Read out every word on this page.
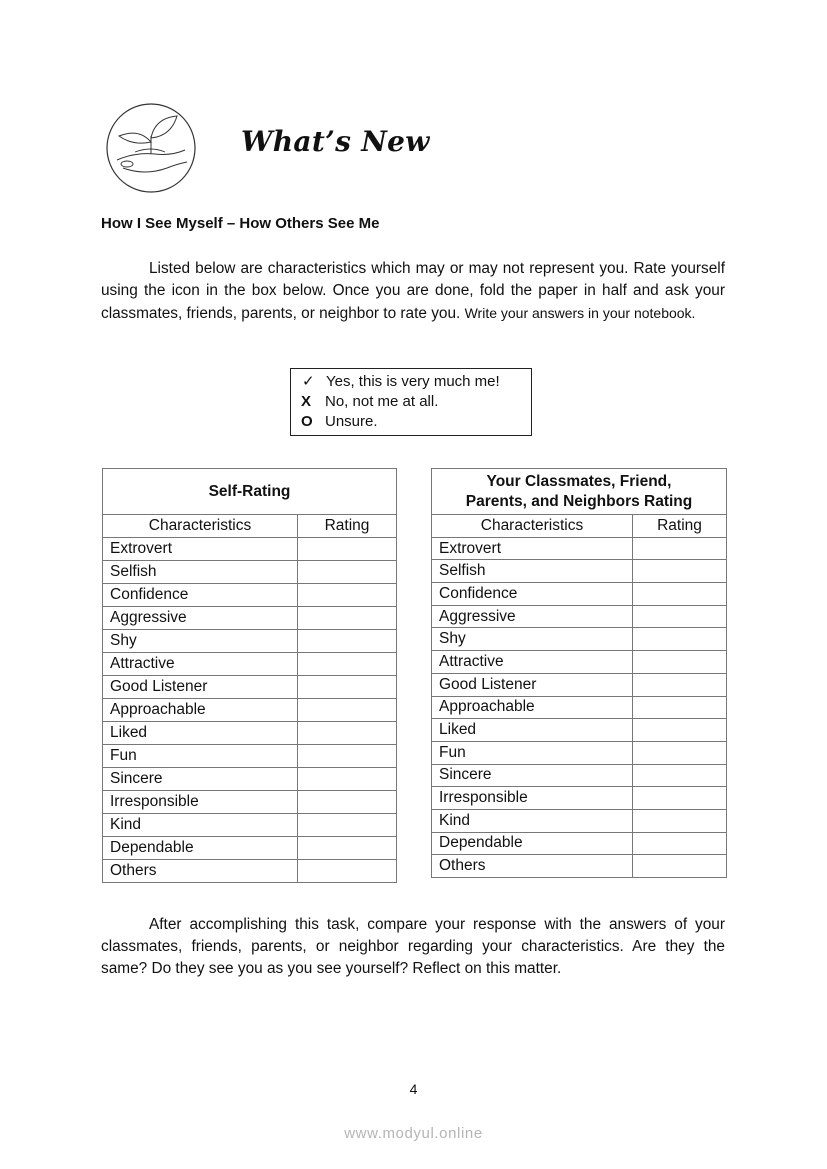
What’s New
How I See Myself – How Others See Me
Listed below are characteristics which may or may not represent you. Rate yourself using the icon in the box below. Once you are done, fold the paper in half and ask your classmates, friends, parents, or neighbor to rate you. Write your answers in your notebook.
✓ Yes, this is very much me!
X No, not me at all.
O Unsure.
Self-Rating	
Characteristics	Rating
Extrovert	
Selfish	
Confidence	
Aggressive	
Shy	
Attractive	
Good Listener	
Approachable	
Liked	
Fun	
Sincere	
Irresponsible	
Kind	
Dependable	
Others	
Your Classmates, Friend,
Parents, and Neighbors Rating	
Characteristics	Rating
Extrovert	
Selfish	
Confidence	
Aggressive	
Shy	
Attractive	
Good Listener	
Approachable	
Liked	
Fun	
Sincere	
Irresponsible	
Kind	
Dependable	
Others	
After accomplishing this task, compare your response with the answers of your classmates, friends, parents, or neighbor regarding your characteristics. Are they the same? Do they see you as you see yourself? Reflect on this matter.
4
www.modyul.online
